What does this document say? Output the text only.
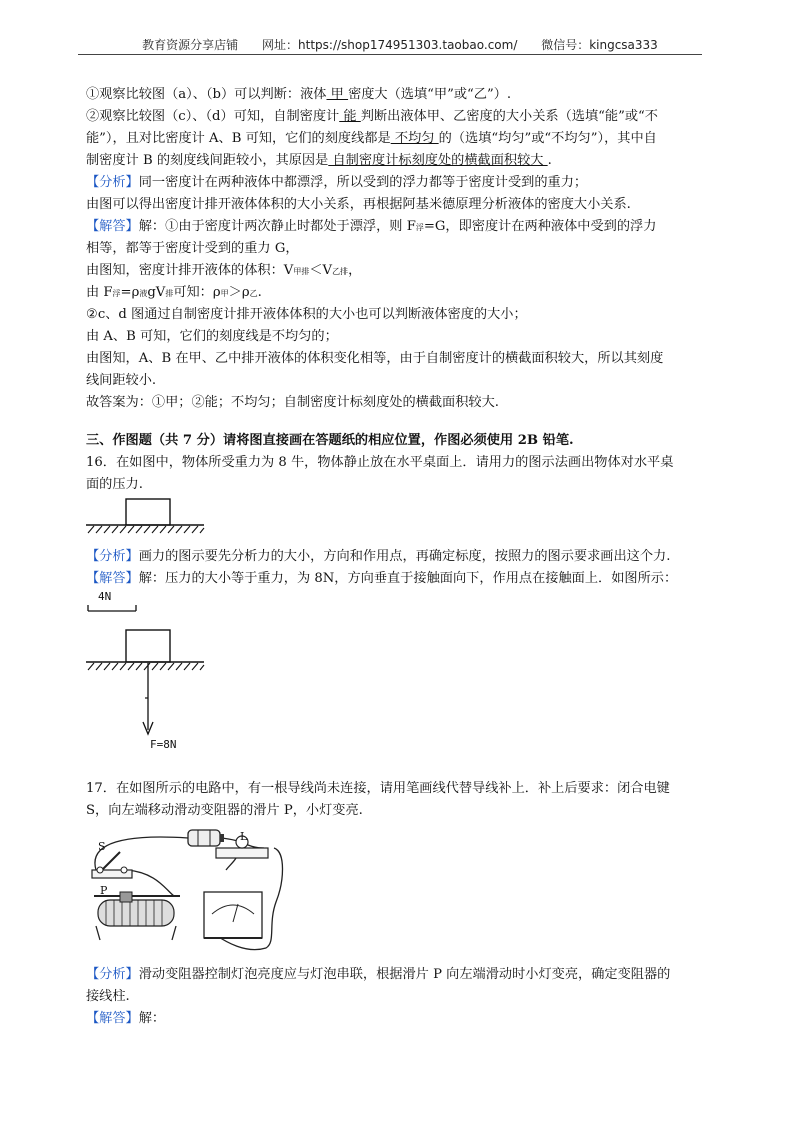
教育资源分享店铺 网址：https://shop174951303.taobao.com/ 微信号：kingcsa333
①观察比较图（a）、（b）可以判断：液体 甲 密度大（选填“甲”或“乙”）.
②观察比较图（c）、（d）可知，自制密度计 能 判断出液体甲、乙密度的大小关系（选填“能”或“不
能”），且对比密度计 A、B 可知，它们的刻度线都是 不均匀 的（选填“均匀”或“不均匀”），其中自
制密度计 B 的刻度线间距较小，其原因是 自制密度计标刻度处的横截面积较大 .
【分析】同一密度计在两种液体中都漂浮，所以受到的浮力都等于密度计受到的重力；
由图可以得出密度计排开液体体积的大小关系，再根据阿基米德原理分析液体的密度大小关系.
【解答】解：①由于密度计两次静止时都处于漂浮，则 F浮=G，即密度计在两种液体中受到的浮力
相等，都等于密度计受到的重力 G，
由图知，密度计排开液体的体积：V甲排＜V乙排，
由 F浮=ρ液gV排可知：ρ甲＞ρ乙.
②c、d 图通过自制密度计排开液体体积的大小也可以判断液体密度的大小；
由 A、B 可知，它们的刻度线是不均匀的；
由图知，A、B 在甲、乙中排开液体的体积变化相等，由于自制密度计的横截面积较大，所以其刻度
线间距较小.
故答案为：①甲；②能；不均匀；自制密度计标刻度处的横截面积较大.
三、作图题（共 7 分）请将图直接画在答题纸的相应位置，作图必须使用 2B 铅笔.
16．在如图中，物体所受重力为 8 牛，物体静止放在水平桌面上．请用力的图示法画出物体对水平桌
面的压力.
【分析】画力的图示要先分析力的大小，方向和作用点，再确定标度，按照力的图示要求画出这个力.
【解答】解：压力的大小等于重力，为 8N，方向垂直于接触面向下，作用点在接触面上．如图所示：
4N
F=8N
17．在如图所示的电路中，有一根导线尚未连接，请用笔画线代替导线补上．补上后要求：闭合电键
S，向左端移动滑动变阻器的滑片 P，小灯变亮.
S
L
P
【分析】滑动变阻器控制灯泡亮度应与灯泡串联，根据滑片 P 向左端滑动时小灯变亮，确定变阻器的
接线柱.
【解答】解：
